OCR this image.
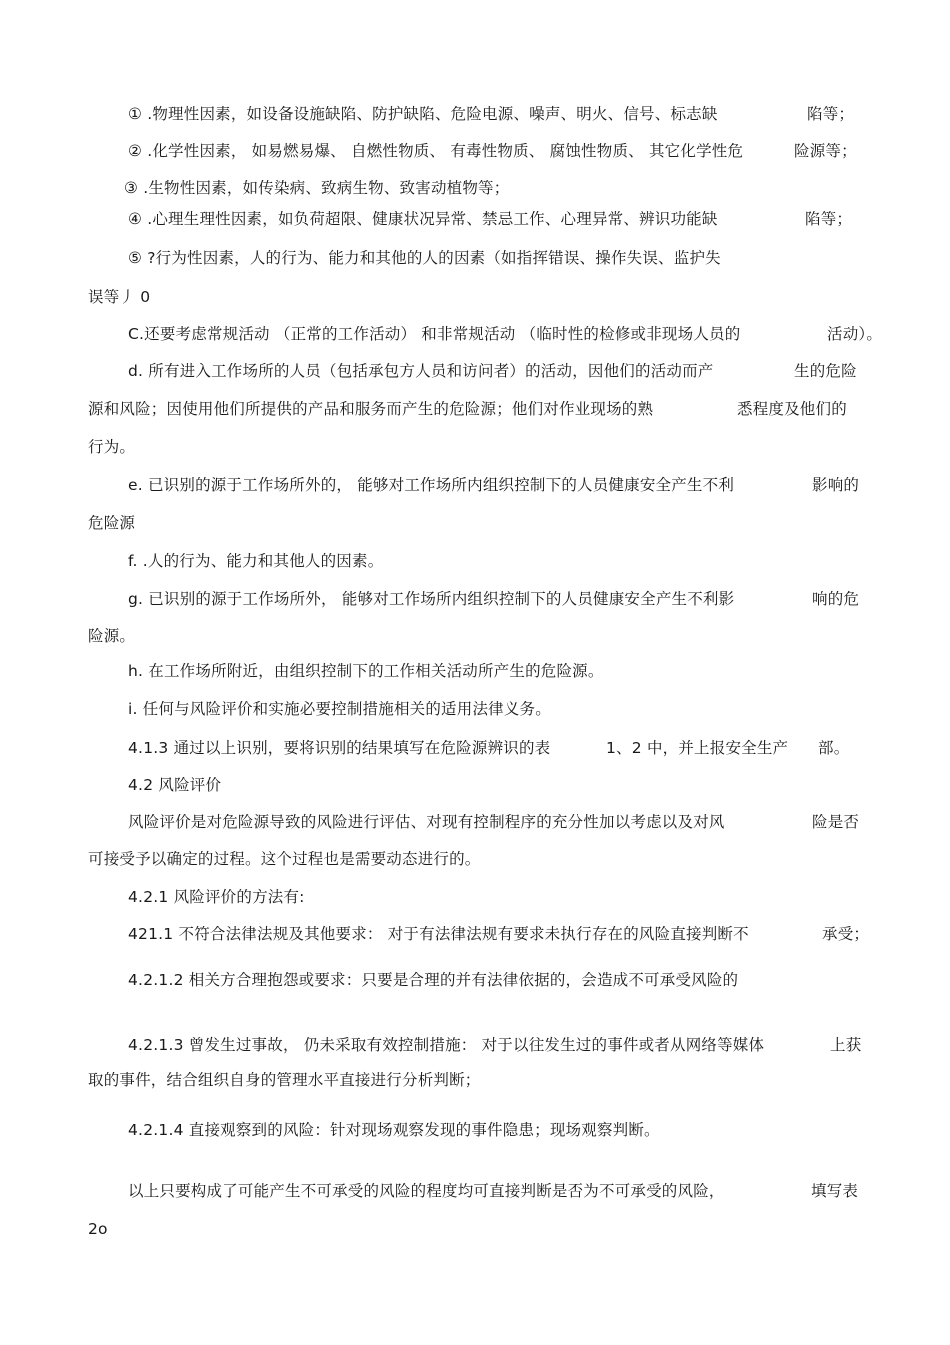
① .物理性因素，如设备设施缺陷、防护缺陷、危险电源、噪声、明火、信号、标志缺	陷等；
② .化学性因素， 如易燃易爆、 自燃性物质、 有毒性物质、 腐蚀性物质、 其它化学性危	险源等；
③ .生物性因素，如传染病、致病生物、致害动植物等；
④ .心理生理性因素，如负荷超限、健康状况异常、禁忌工作、心理异常、辨识功能缺	陷等；
⑤ ?行为性因素，人的行为、能力和其他的人的因素（如指挥错误、操作失误、监护失
误等丿 0
C.还要考虑常规活动 （正常的工作活动） 和非常规活动 （临时性的检修或非现场人员的	活动）。
d. 所有进入工作场所的人员（包括承包方人员和访问者）的活动，因他们的活动而产	生的危险
源和风险；因使用他们所提供的产品和服务而产生的危险源；他们对作业现场的熟	悉程度及他们的
行为。
e. 已识别的源于工作场所外的， 能够对工作场所内组织控制下的人员健康安全产生不利	影响的
危险源
f. .人的行为、能力和其他人的因素。
g. 已识别的源于工作场所外， 能够对工作场所内组织控制下的人员健康安全产生不利影	响的危
险源。
h. 在工作场所附近，由组织控制下的工作相关活动所产生的危险源。
i. 任何与风险评价和实施必要控制措施相关的适用法律义务。
4.1.3 通过以上识别，要将识别的结果填写在危险源辨识的表	1、2 中，并上报安全生产 部。
4.2 风险评价
风险评价是对危险源导致的风险进行评估、对现有控制程序的充分性加以考虑以及对风	险是否
可接受予以确定的过程。这个过程也是需要动态进行的。
4.2.1 风险评价的方法有:
421.1 不符合法律法规及其他要求： 对于有法律法规有要求未执行存在的风险直接判断不	承受；
4.2.1.2 相关方合理抱怨或要求：只要是合理的并有法律依据的，会造成不可承受风险的
4.2.1.3 曾发生过事故， 仍未采取有效控制措施： 对于以往发生过的事件或者从网络等媒体	上获
取的事件，结合组织自身的管理水平直接进行分析判断；
4.2.1.4 直接观察到的风险：针对现场观察发现的事件隐患；现场观察判断。
以上只要构成了可能产生不可承受的风险的程度均可直接判断是否为不可承受的风险，	填写表
2o
